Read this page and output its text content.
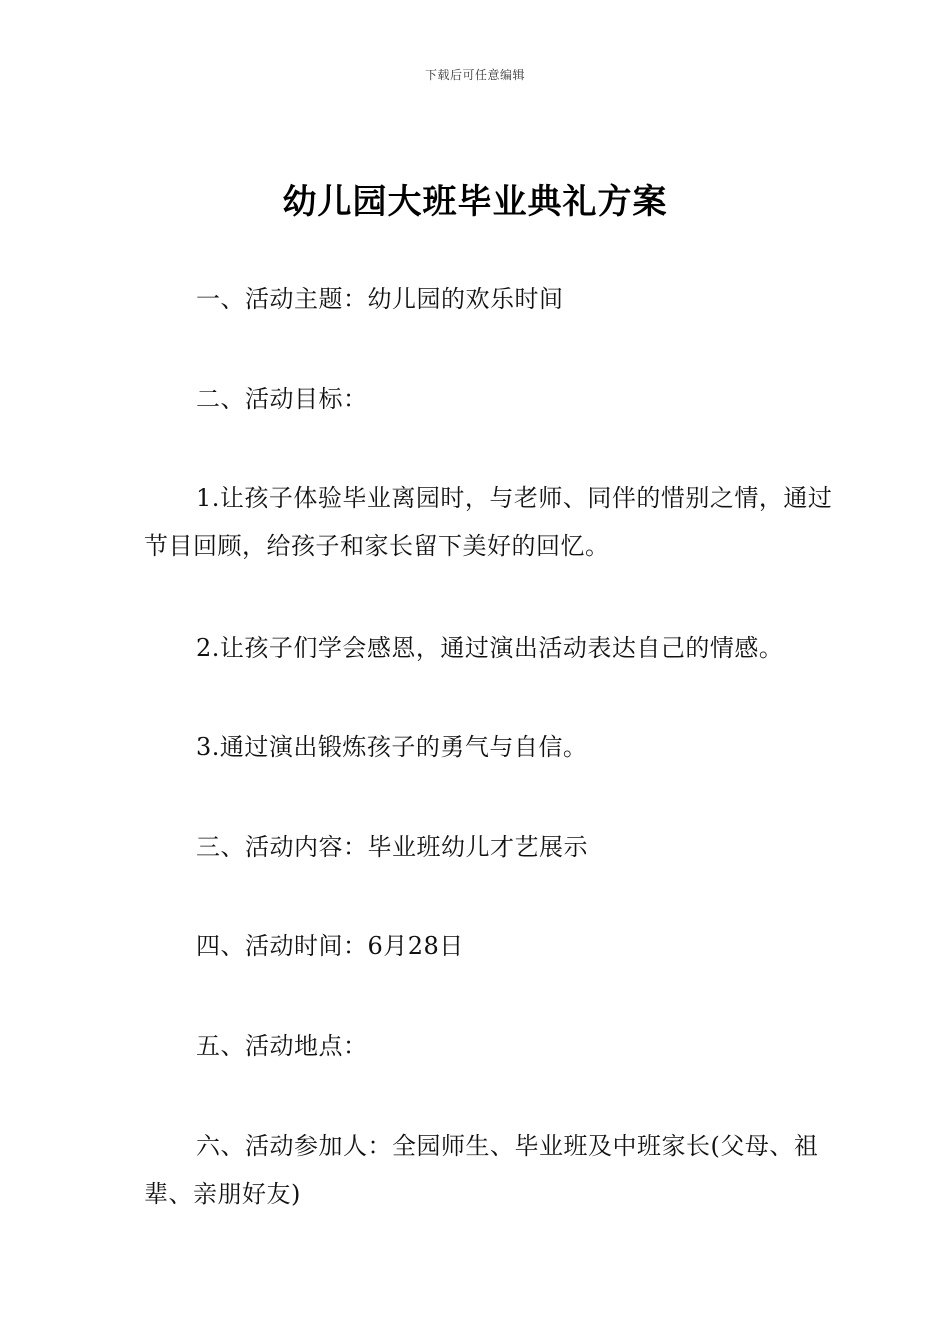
下载后可任意编辑
幼儿园大班毕业典礼方案

一、活动主题：幼儿园的欢乐时间

二、活动目标：

1.让孩子体验毕业离园时，与老师、同伴的惜别之情，通过节目回顾，给孩子和家长留下美好的回忆。

2.让孩子们学会感恩，通过演出活动表达自己的情感。

3.通过演出锻炼孩子的勇气与自信。

三、活动内容：毕业班幼儿才艺展示

四、活动时间：6月28日

五、活动地点：

六、活动参加人：全园师生、毕业班及中班家长(父母、祖辈、亲朋好友)
